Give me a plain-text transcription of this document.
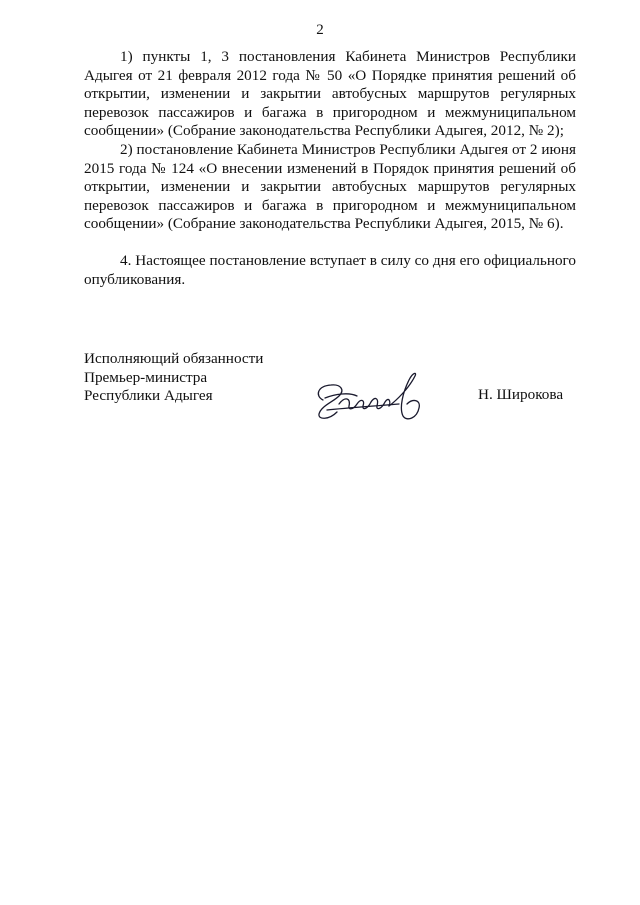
2

1) пункты 1, 3 постановления Кабинета Министров Республики Адыгея от 21 февраля 2012 года № 50 «О Порядке принятия решений об открытии, изменении и закрытии автобусных маршрутов регулярных перевозок пассажиров и багажа в пригородном и межмуниципальном сообщении» (Собрание законодательства Республики Адыгея, 2012, № 2);

2) постановление Кабинета Министров Республики Адыгея от 2 июня 2015 года № 124 «О внесении изменений в Порядок принятия решений об открытии, изменении и закрытии автобусных маршрутов регулярных перевозок пассажиров и багажа в пригородном и межмуниципальном сообщении» (Собрание законодательства Республики Адыгея, 2015, № 6).

4. Настоящее постановление вступает в силу со дня его официального опубликования.

Исполняющий обязанности
Премьер-министра
Республики Адыгея	Н. Широкова
